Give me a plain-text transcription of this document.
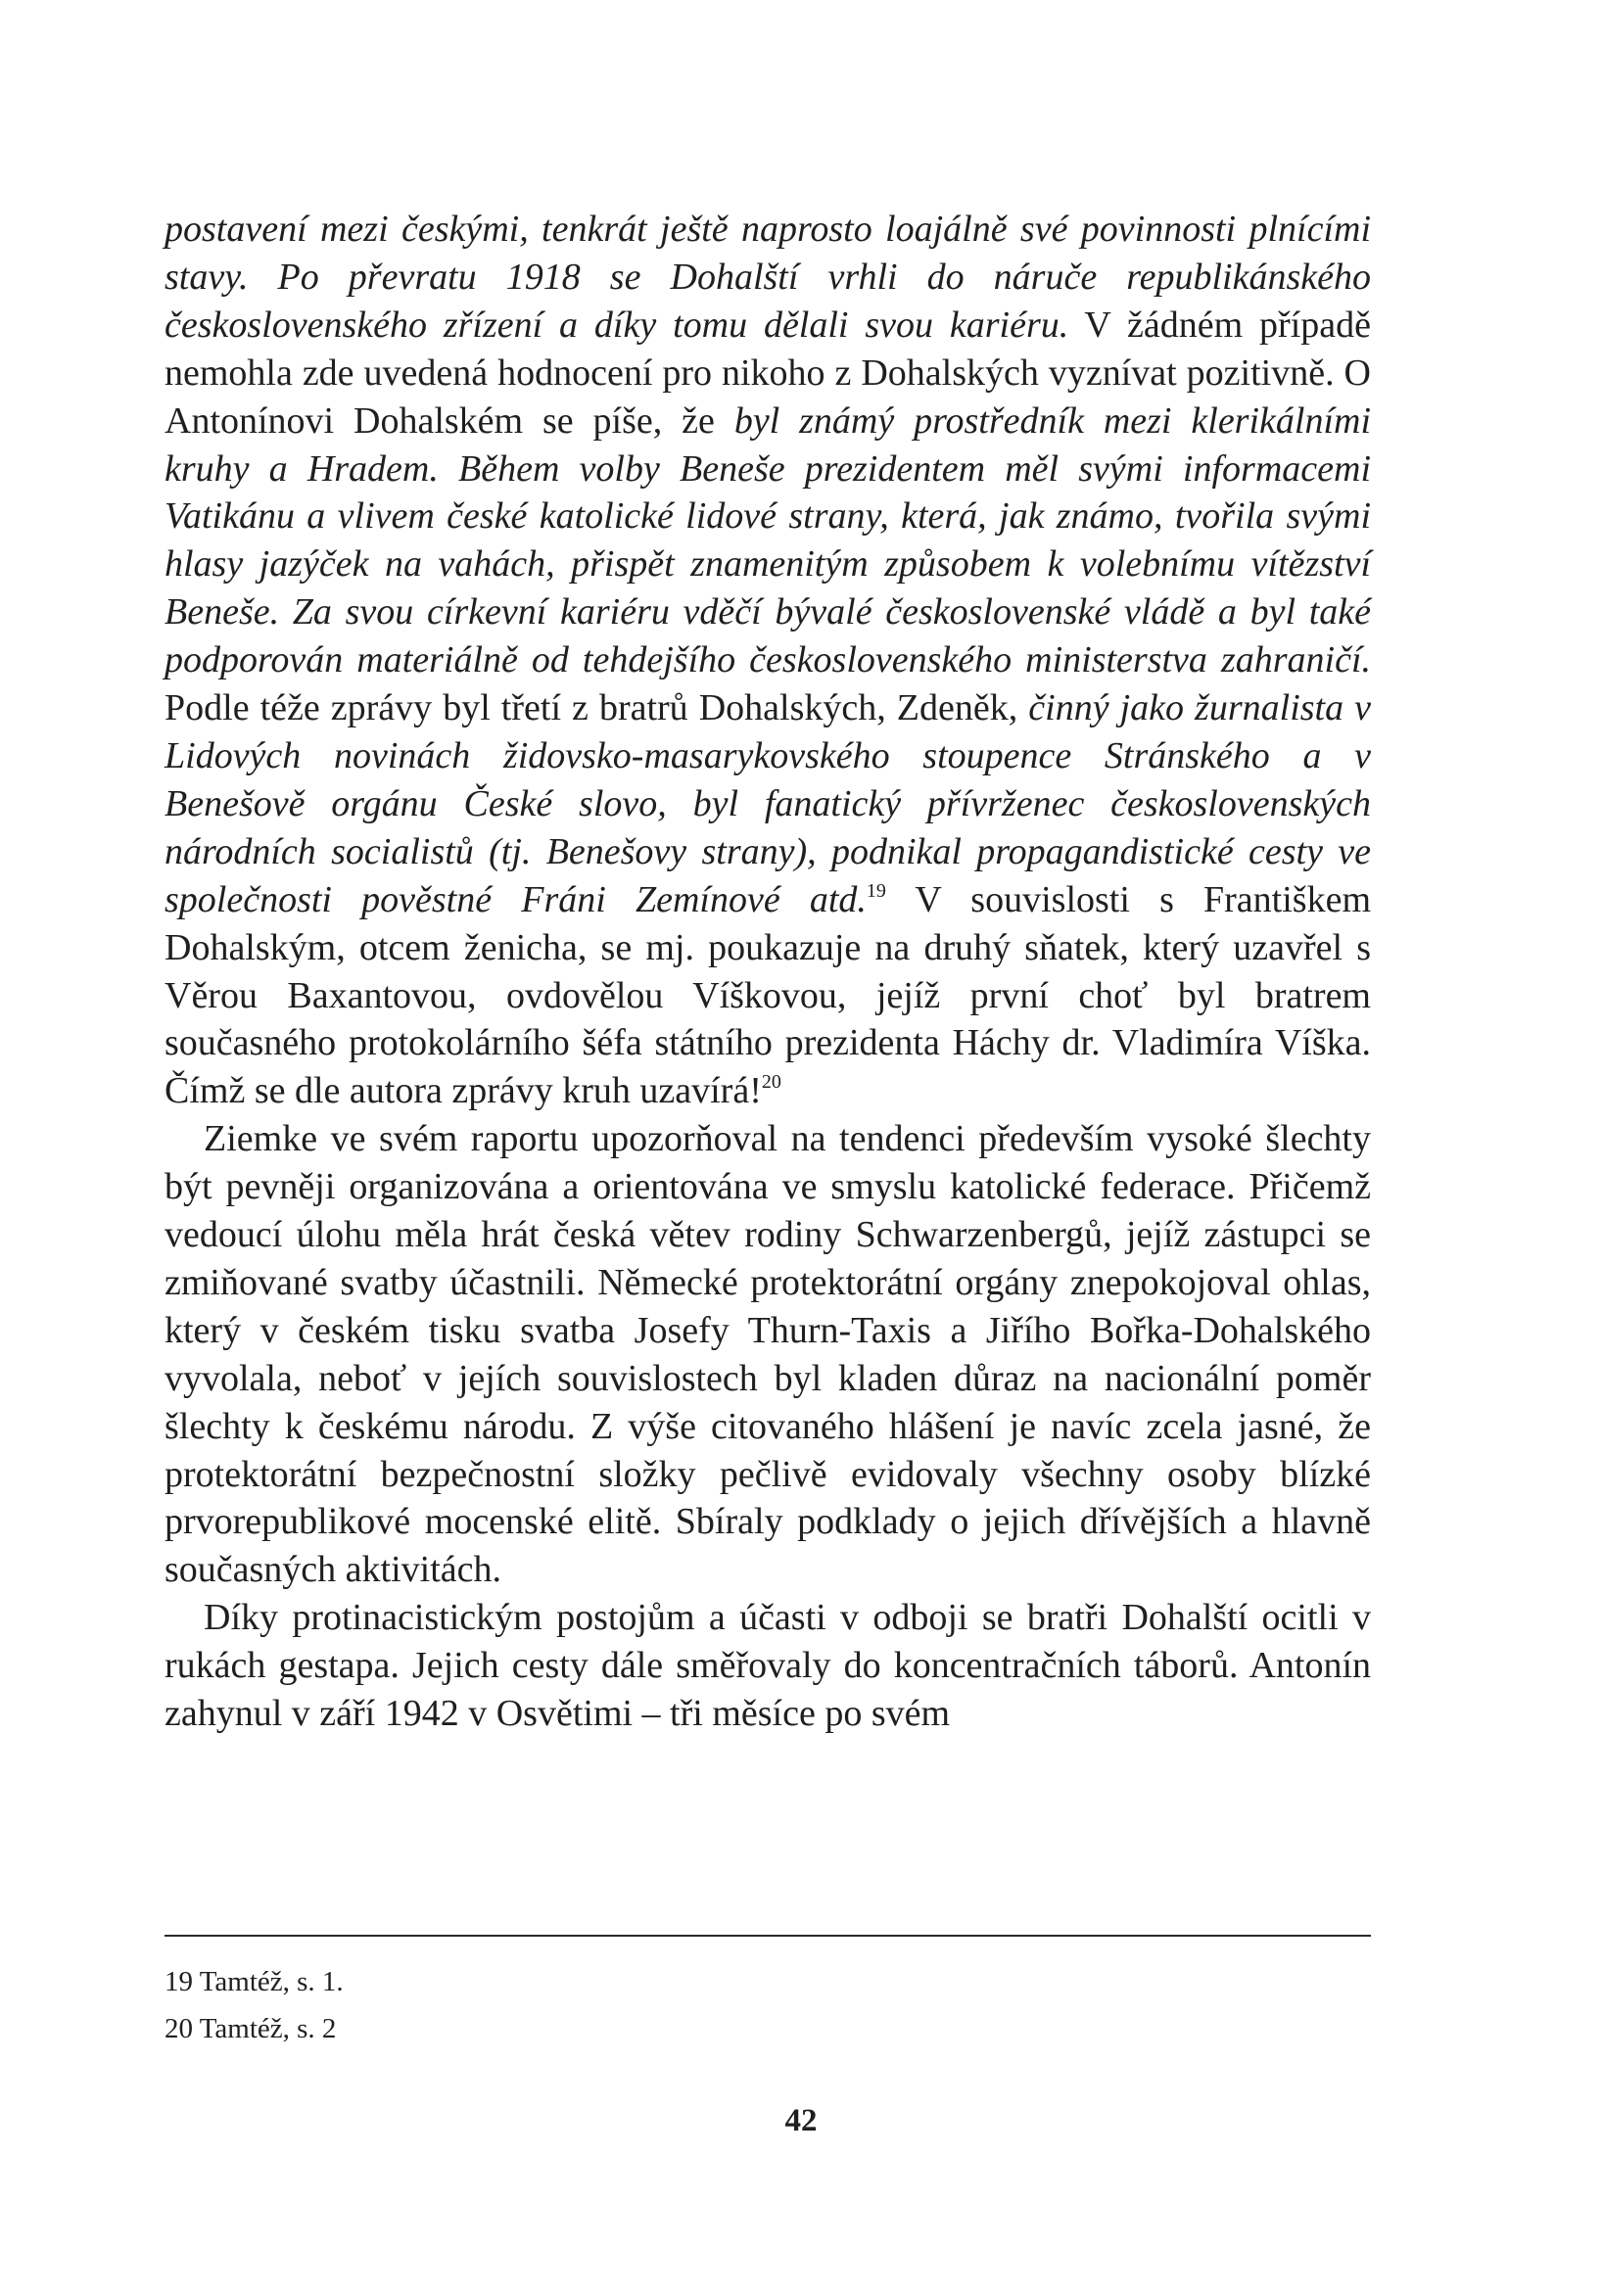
postavení mezi českými, tenkrát ještě naprosto loajálně své povinnosti plnícími stavy. Po převratu 1918 se Dohalští vrhli do náruče republikánského československého zřízení a díky tomu dělali svou kariéru. V žádném případě nemohla zde uvedená hodnocení pro nikoho z Dohalských vyznívat pozitivně. O Antonínovi Dohalském se píše, že byl známý prostředník mezi klerikálními kruhy a Hradem. Během volby Beneše prezidentem měl svými informacemi Vatikánu a vlivem české katolické lidové strany, která, jak známo, tvořila svými hlasy jazýček na vahách, přispět znamenitým způsobem k volebnímu vítězství Beneše. Za svou církevní kariéru vděčí bývalé československé vládě a byl také podporován materiálně od tehdejšího československého ministerstva zahraničí. Podle téže zprávy byl třetí z bratrů Dohalských, Zdeněk, činný jako žurnalista v Lidových novinách židovsko-masarykovského stoupence Stránského a v Benešově orgánu České slovo, byl fanatický přívrženec československých národních socialistů (tj. Benešovy strany), podnikal propagandistické cesty ve společnosti pověstné Fráni Zemínové atd.$^{19}$ V souvislosti s Františkem Dohalským, otcem ženicha, se mj. poukazuje na druhý sňatek, který uzavřel s Věrou Baxantovou, ovdovělou Víškovou, jejíž první choť byl bratrem současného protokolárního šéfa státního prezidenta Háchy dr. Vladimíra Víška. Čímž se dle autora zprávy kruh uzavírá!$^{20}$

Ziemke ve svém raportu upozorňoval na tendenci především vysoké šlechty být pevněji organizována a orientována ve smyslu katolické federace. Přičemž vedoucí úlohu měla hrát česká větev rodiny Schwarzenbergů, jejíž zástupci se zmiňované svatby účastnili. Německé protektorátní orgány znepokojoval ohlas, který v českém tisku svatba Josefy Thurn-Taxis a Jiřího Bořka-Dohalského vyvolala, neboť v jejích souvislostech byl kladen důraz na nacionální poměr šlechty k českému národu. Z výše citovaného hlášení je navíc zcela jasné, že protektorátní bezpečnostní složky pečlivě evidovaly všechny osoby blízké prvorepublikové mocenské elitě. Sbíraly podklady o jejich dřívějších a hlavně současných aktivitách.

Díky protinacistickým postojům a účasti v odboji se bratři Dohalští ocitli v rukách gestapa. Jejich cesty dále směřovaly do koncentračních táborů. Antonín zahynul v září 1942 v Osvětimi – tři měsíce po svém

19 Tamtéž, s. 1.

20 Tamtéž, s. 2

42
